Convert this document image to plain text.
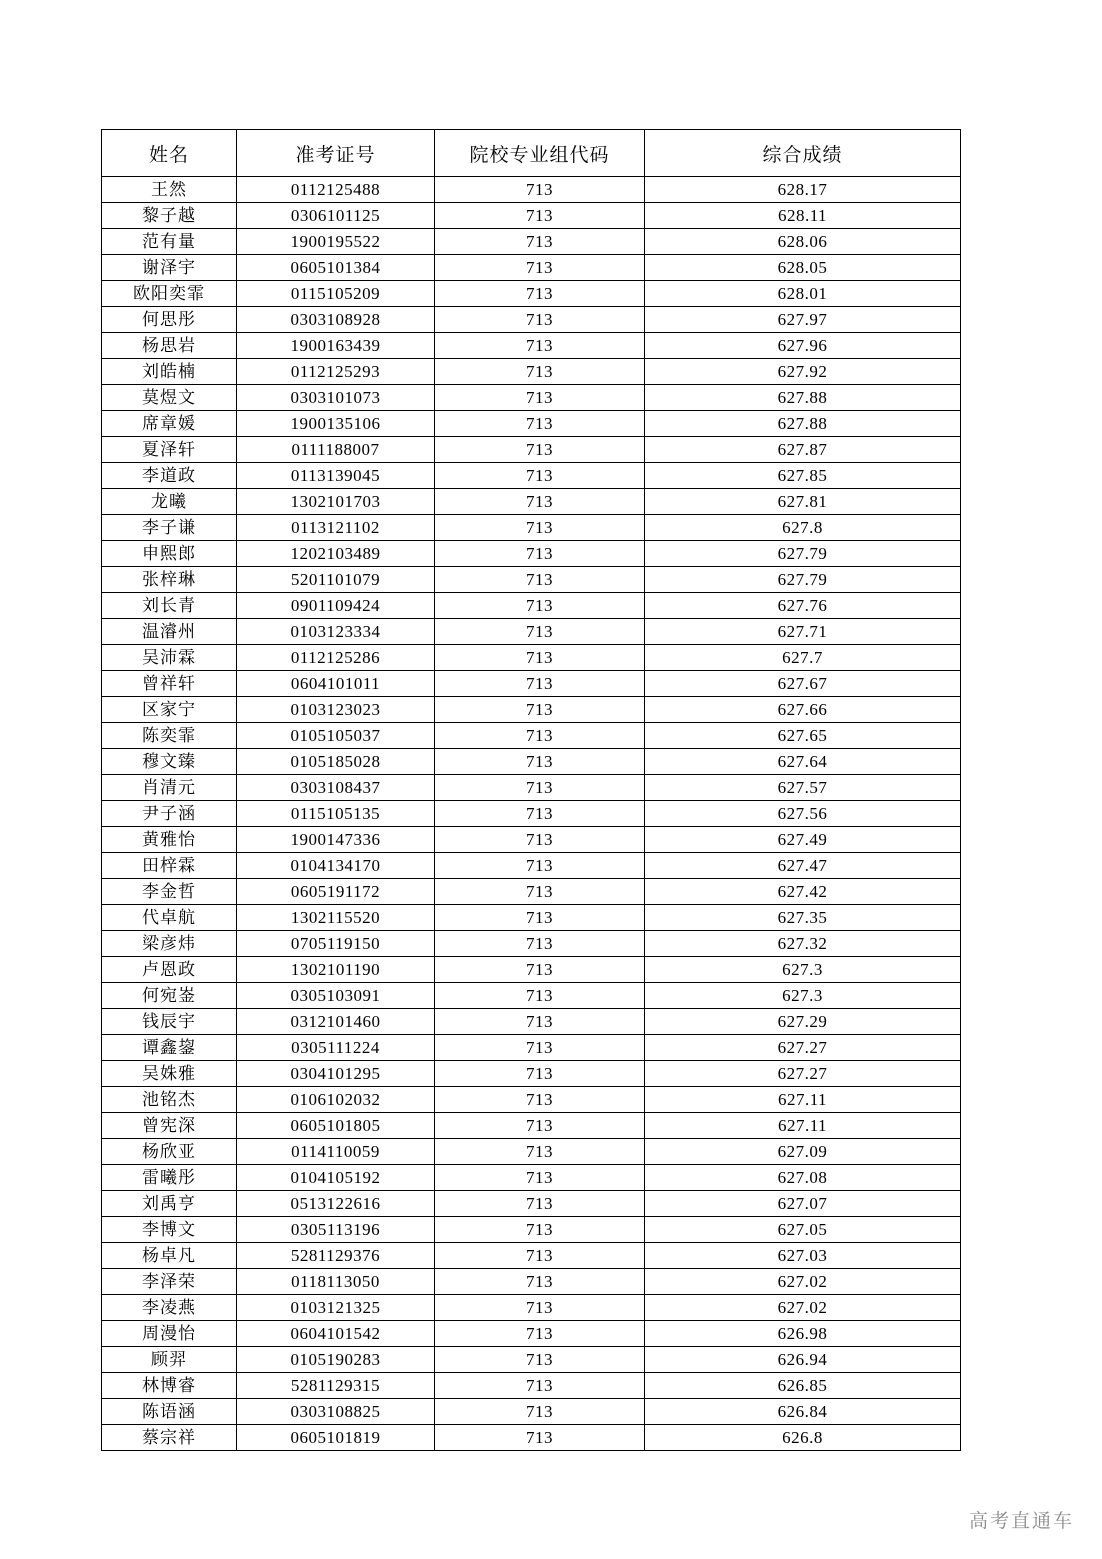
姓名	准考证号	院校专业组代码	综合成绩
王然	0112125488	713	628.17
黎子越	0306101125	713	628.11
范有量	1900195522	713	628.06
谢泽宇	0605101384	713	628.05
欧阳奕霏	0115105209	713	628.01
何思彤	0303108928	713	627.97
杨思岩	1900163439	713	627.96
刘皓楠	0112125293	713	627.92
莫煜文	0303101073	713	627.88
席章媛	1900135106	713	627.88
夏泽轩	0111188007	713	627.87
李道政	0113139045	713	627.85
龙曦	1302101703	713	627.81
李子谦	0113121102	713	627.8
申熙郎	1202103489	713	627.79
张梓琳	5201101079	713	627.79
刘长青	0901109424	713	627.76
温濬州	0103123334	713	627.71
吴沛霖	0112125286	713	627.7
曾祥轩	0604101011	713	627.67
区家宁	0103123023	713	627.66
陈奕霏	0105105037	713	627.65
穆文臻	0105185028	713	627.64
肖清元	0303108437	713	627.57
尹子涵	0115105135	713	627.56
黄雅怡	1900147336	713	627.49
田梓霖	0104134170	713	627.47
李金哲	0605191172	713	627.42
代卓航	1302115520	713	627.35
梁彦炜	0705119150	713	627.32
卢恩政	1302101190	713	627.3
何宛崟	0305103091	713	627.3
钱辰宇	0312101460	713	627.29
谭鑫鋆	0305111224	713	627.27
吴姝雅	0304101295	713	627.27
池铭杰	0106102032	713	627.11
曾宪深	0605101805	713	627.11
杨欣亚	0114110059	713	627.09
雷曦彤	0104105192	713	627.08
刘禹亨	0513122616	713	627.07
李博文	0305113196	713	627.05
杨卓凡	5281129376	713	627.03
李泽荣	0118113050	713	627.02
李凌燕	0103121325	713	627.02
周漫怡	0604101542	713	626.98
顾羿	0105190283	713	626.94
林博睿	5281129315	713	626.85
陈语涵	0303108825	713	626.84
蔡宗祥	0605101819	713	626.8
高考直通车
